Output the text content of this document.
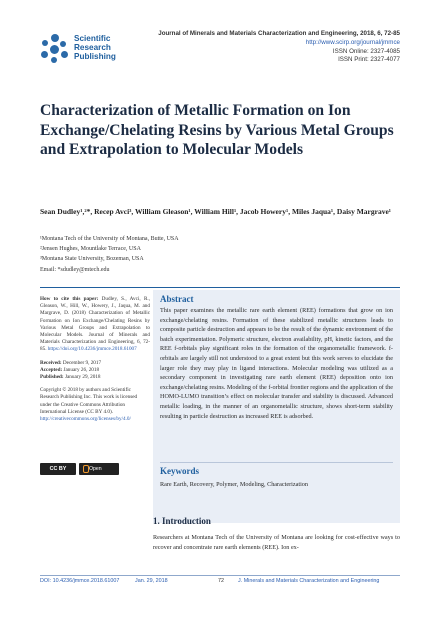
Scientific
Research
Publishing
Journal of Minerals and Materials Characterization and Engineering, 2018, 6, 72-85
http://www.scirp.org/journal/jmmce
ISSN Online: 2327-4085
ISSN Print: 2327-4077
Characterization of Metallic Formation on Ion Exchange/Chelating Resins by Various Metal Groups and Extrapolation to Molecular Models
Sean Dudley¹,²*, Recep Avci³, William Gleason¹, William Hill¹, Jacob Howery¹, Miles Jaqua¹, Daisy Margrave¹
¹Montana Tech of the University of Montana, Butte, USA
²Jensen Hughes, Mountlake Terrace, USA
³Montana State University, Bozeman, USA
Email: *sdudley@mtech.edu

How to cite this paper: Dudley, S., Avci, R., Gleason, W., Hill, W., Howery, J., Jaqua, M. and Margrave, D. (2018) Characterization of Metallic Formation on Ion Exchange/Chelating Resins by Various Metal Groups and Extrapolation to Molecular Models. Journal of Minerals and Materials Characterization and Engineering, 6, 72-85. https://doi.org/10.4236/jmmce.2018.61007

Received: December 9, 2017
Accepted: January 26, 2018
Published: January 29, 2018

Copyright © 2018 by authors and Scientific Research Publishing Inc. This work is licensed under the Creative Commons Attribution International License (CC BY 4.0).
http://creativecommons.org/licenses/by/4.0/

CC BY	Open Access
Abstract
This paper examines the metallic rare earth element (REE) formations that grow on ion exchange/chelating resins. Formation of these stabilized metallic structures leads to composite particle destruction and appears to be the result of the dynamic environment of the batch experimentation. Polymeric structure, electron availability, pH, kinetic factors, and the REE f-orbitals play significant roles in the formation of the organometallic framework. f-orbitals are largely still not understood to a great extent but this work serves to elucidate the larger role they may play in ligand interactions. Molecular modeling was utilized as a secondary component in investigating rare earth element (REE) deposition onto ion exchange/chelating resins. Modeling of the f-orbital frontier regions and the application of the HOMO-LUMO transition’s effect on molecular transfer and stability is discussed. Advanced metallic loading, in the manner of an organometallic structure, shows short-term stability resulting in particle destruction as increased REE is adsorbed.
Keywords
Rare Earth, Recovery, Polymer, Modeling, Characterization
1. Introduction
Researchers at Montana Tech of the University of Montana are looking for cost-effective ways to recover and concentrate rare earth elements (REE). Ion ex-
DOI: 10.4236/jmmce.2018.61007	Jan. 29, 2018	72	J. Minerals and Materials Characterization and Engineering
